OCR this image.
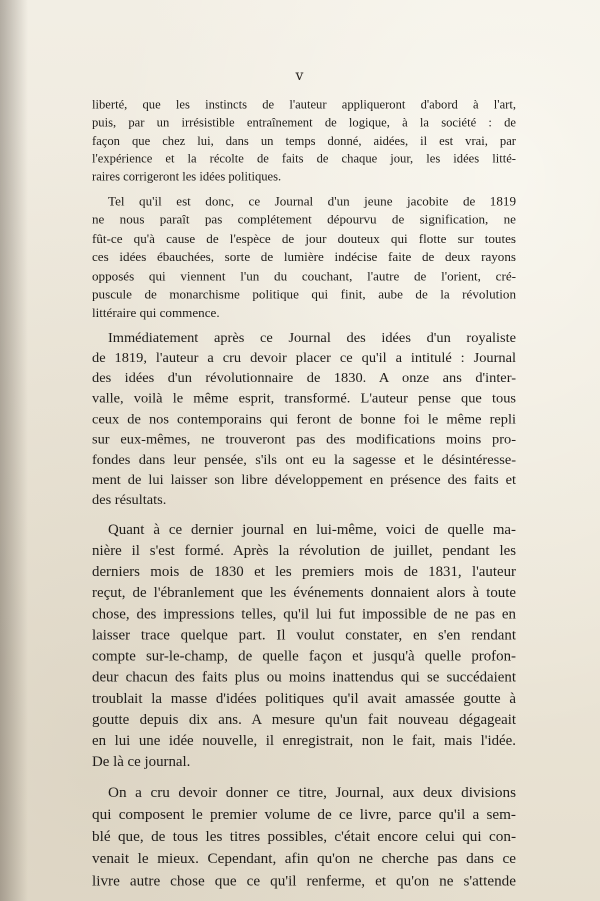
v

liberté, que les instincts de l'auteur appliqueront d'abord à l'art,
puis, par un irrésistible entraînement de logique, à la société : de
façon que chez lui, dans un temps donné, aidées, il est vrai, par
l'expérience et la récolte de faits de chaque jour, les idées litté-
raires corrigeront les idées politiques.

Tel qu'il est donc, ce Journal d'un jeune jacobite de 1819
ne nous paraît pas complétement dépourvu de signification, ne
fût-ce qu'à cause de l'espèce de jour douteux qui flotte sur toutes
ces idées ébauchées, sorte de lumière indécise faite de deux rayons
opposés qui viennent l'un du couchant, l'autre de l'orient, cré-
puscule de monarchisme politique qui finit, aube de la révolution
littéraire qui commence.

Immédiatement après ce Journal des idées d'un royaliste
de 1819, l'auteur a cru devoir placer ce qu'il a intitulé : Journal
des idées d'un révolutionnaire de 1830. A onze ans d'inter-
valle, voilà le même esprit, transformé. L'auteur pense que tous
ceux de nos contemporains qui feront de bonne foi le même repli
sur eux-mêmes, ne trouveront pas des modifications moins pro-
fondes dans leur pensée, s'ils ont eu la sagesse et le désintéresse-
ment de lui laisser son libre développement en présence des faits et
des résultats.

Quant à ce dernier journal en lui-même, voici de quelle ma-
nière il s'est formé. Après la révolution de juillet, pendant les
derniers mois de 1830 et les premiers mois de 1831, l'auteur
reçut, de l'ébranlement que les événements donnaient alors à toute
chose, des impressions telles, qu'il lui fut impossible de ne pas en
laisser trace quelque part. Il voulut constater, en s'en rendant
compte sur-le-champ, de quelle façon et jusqu'à quelle profon-
deur chacun des faits plus ou moins inattendus qui se succédaient
troublait la masse d'idées politiques qu'il avait amassée goutte à
goutte depuis dix ans. A mesure qu'un fait nouveau dégageait
en lui une idée nouvelle, il enregistrait, non le fait, mais l'idée.
De là ce journal.

On a cru devoir donner ce titre, Journal, aux deux divisions
qui composent le premier volume de ce livre, parce qu'il a sem-
blé que, de tous les titres possibles, c'était encore celui qui con-
venait le mieux. Cependant, afin qu'on ne cherche pas dans ce
livre autre chose que ce qu'il renferme, et qu'on ne s'attende
